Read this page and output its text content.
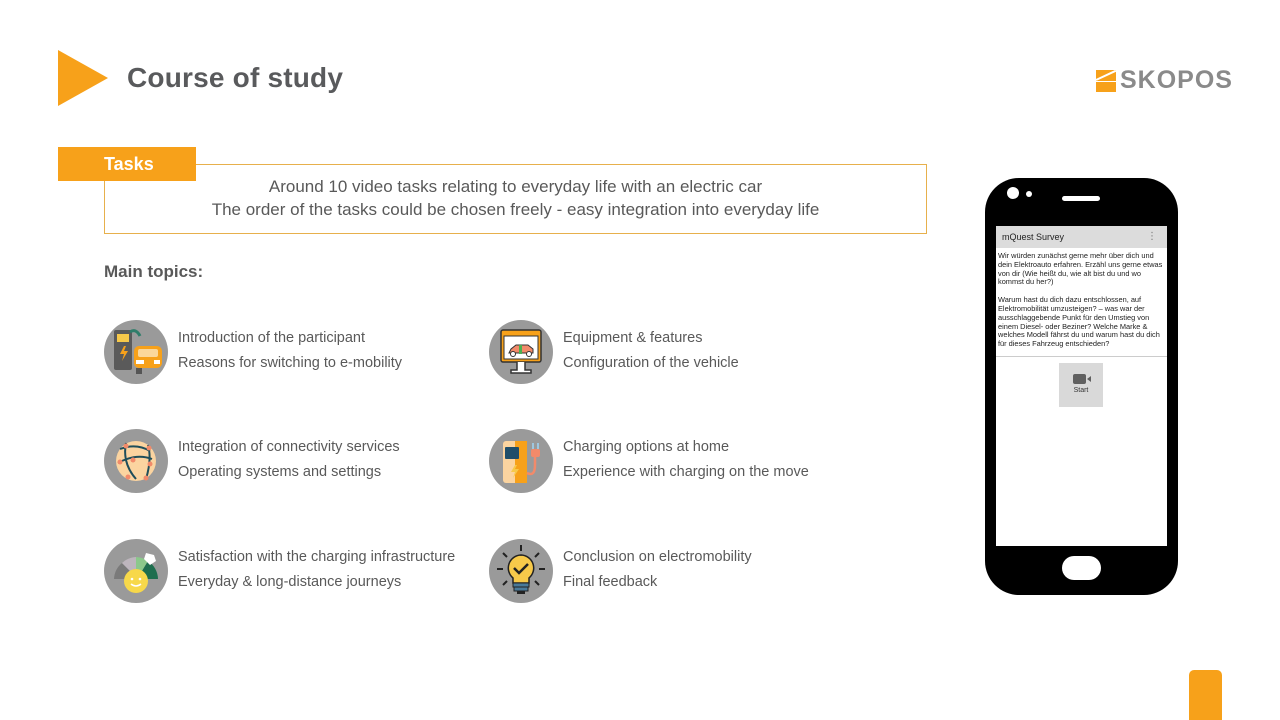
Course of study	SKOPOS
Tasks
Around 10 video tasks relating to everyday life with an electric car
The order of the tasks could be chosen freely - easy integration into everyday life
Main topics:
Introduction of the participant
Reasons for switching to e-mobility
Equipment & features
Configuration of the vehicle
Integration of connectivity services
Operating systems and settings
Charging options at home
Experience with charging on the move
Satisfaction with the charging infrastructure
Everyday & long-distance journeys
Conclusion on electromobility
Final feedback
mQuest Survey	⋮

Wir würden zunächst gerne mehr über dich und dein Elektroauto erfahren. Erzähl uns gerne etwas von dir (Wie heißt du, wie alt bist du und wo kommst du her?)

Warum hast du dich dazu entschlossen, auf Elektromobilität umzusteigen? – was war der ausschlaggebende Punkt für den Umstieg von einem Diesel- oder Beziner? Welche Marke & welches Modell fährst du und warum hast du dich für dieses Fahrzeug entschieden?

Start
